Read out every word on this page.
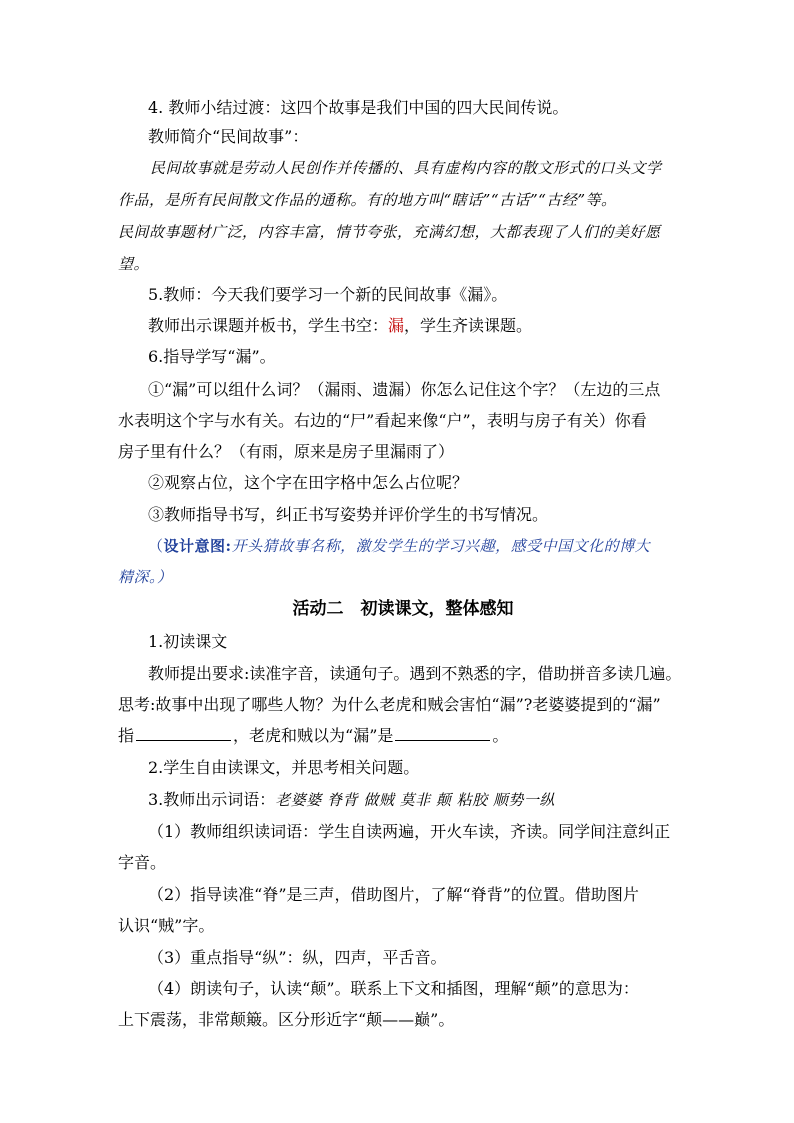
4. 教师小结过渡：这四个故事是我们中国的四大民间传说。
教师简介“民间故事”：
民间故事就是劳动人民创作并传播的、具有虚构内容的散文形式的口头文学
作品，是所有民间散文作品的通称。有的地方叫“瞎话”“古话”“古经”等。
民间故事题材广泛，内容丰富，情节夸张，充满幻想，大都表现了人们的美好愿
望。
5.教师：今天我们要学习一个新的民间故事《漏》。
教师出示课题并板书，学生书空：漏，学生齐读课题。
6.指导学写“漏”。
①“漏”可以组什么词？（漏雨、遗漏）你怎么记住这个字？（左边的三点
水表明这个字与水有关。右边的“尸”看起来像“户”，表明与房子有关）你看
房子里有什么？（有雨，原来是房子里漏雨了）
②观察占位，这个字在田字格中怎么占位呢？
③教师指导书写，纠正书写姿势并评价学生的书写情况。
（设计意图:开头猜故事名称，激发学生的学习兴趣，感受中国文化的博大
精深。）
活动二　初读课文，整体感知
1.初读课文
教师提出要求:读准字音，读通句子。遇到不熟悉的字，借助拼音多读几遍。
思考:故事中出现了哪些人物？为什么老虎和贼会害怕“漏”?老婆婆提到的“漏”
指	，老虎和贼以为“漏”是	。
2.学生自由读课文，并思考相关问题。
3.教师出示词语：老婆婆 脊背 做贼 莫非 颠 粘胶 顺势一纵
（1）教师组织读词语：学生自读两遍，开火车读，齐读。同学间注意纠正
字音。
（2）指导读准“脊”是三声，借助图片，了解“脊背”的位置。借助图片
认识“贼”字。
（3）重点指导“纵”：纵，四声，平舌音。
（4）朗读句子，认读“颠”。联系上下文和插图，理解“颠”的意思为：
上下震荡，非常颠簸。区分形近字“颠——巅”。
